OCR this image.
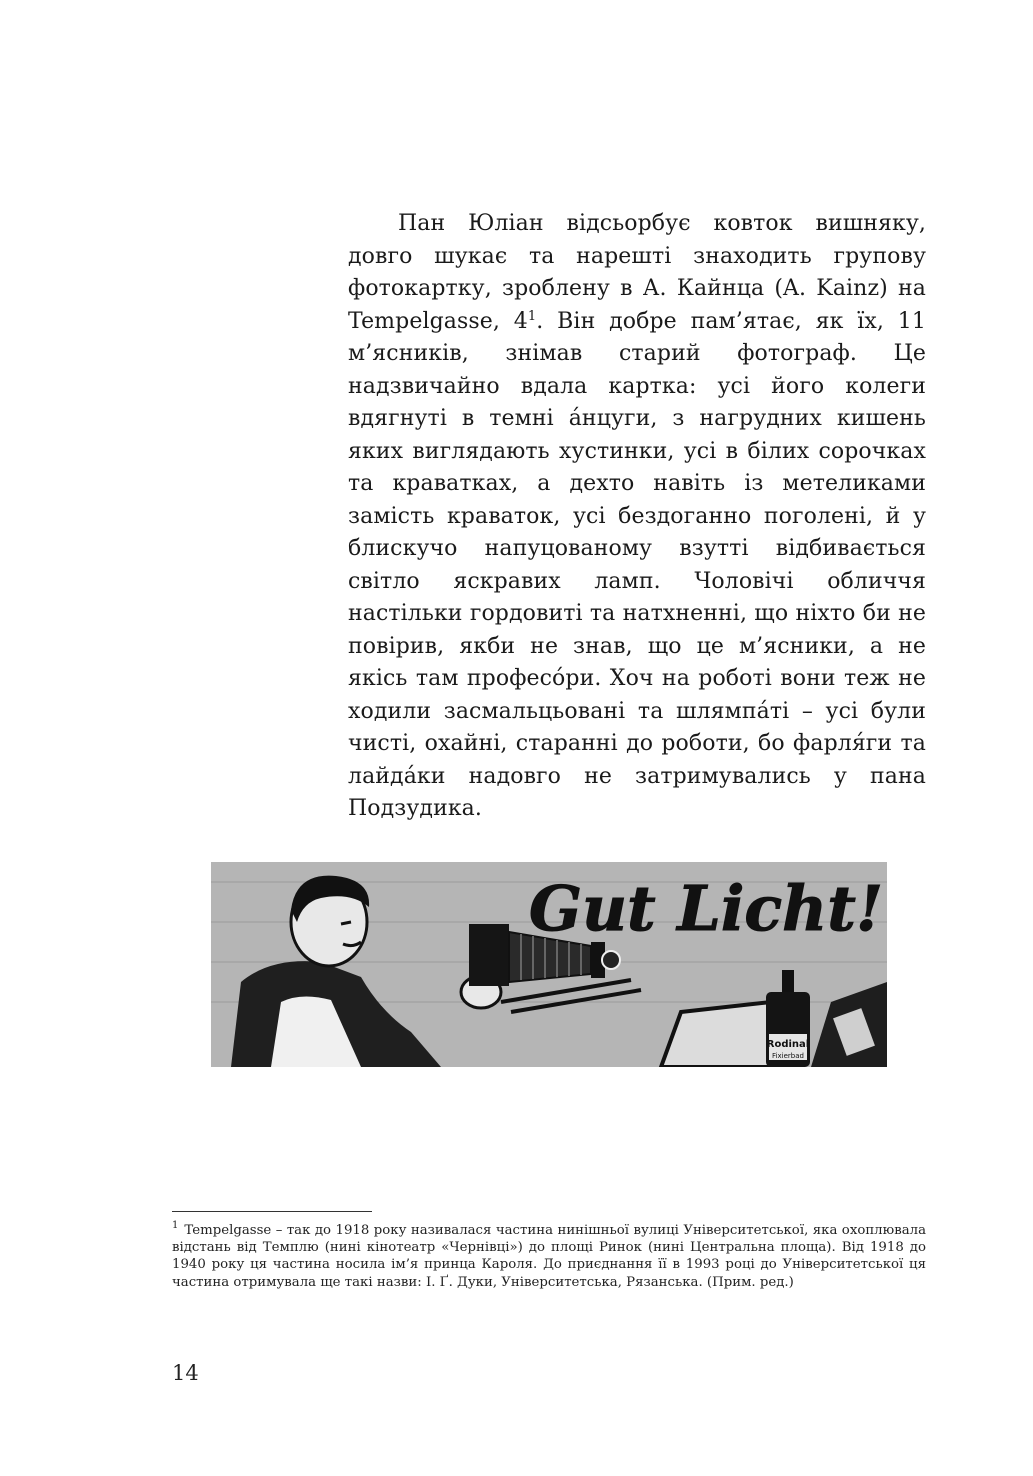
Пан Юліан відсьорбує ковток вишняку, довго шукає та нарешті знаходить групову фотокартку, зроблену в А. Кайнца (A. Kainz) на Tempelgasse, $4^1$. Він добре пам’ятає, як їх, 11 м’ясників, знімав старий фотограф. Це надзвичайно вдала картка: усі його колеги вдягнуті в темні а́нцуги, з нагрудних кишень яких виглядають хустинки, усі в білих сорочках та краватках, а дехто навіть із метеликами замість краваток, усі бездоганно поголені, й у блискучо напуцованому взутті відбивається світло яскравих ламп. Чоловічі обличчя настільки гордовиті та натхненні, що ніхто би не повірив, якби не знав, що це м’ясники, а не якісь там професо́ри. Хоч на роботі вони теж не ходили засмальцьовані та шлямпа́ті – усі були чисті, охайні, старанні до роботи, бо фарля́ги та лайда́ки надовго не затримувались у пана Подзудика.

Rodinal
Fixierbad
Gut Licht!
$^1$ Tempelgasse – так до 1918 року називалася частина нинішньої вулиці Університетської, яка охоплювала відстань від Темплю (нині кінотеатр «Чернівці») до площі Ринок (нині Центральна площа). Від 1918 до 1940 року ця частина носила ім’я принца Кароля. До приєднання її в 1993 році до Університетської ця частина отримувала ще такі назви: І. Ґ. Дуки, Університетська, Рязанська. (Прим. ред.)
14
